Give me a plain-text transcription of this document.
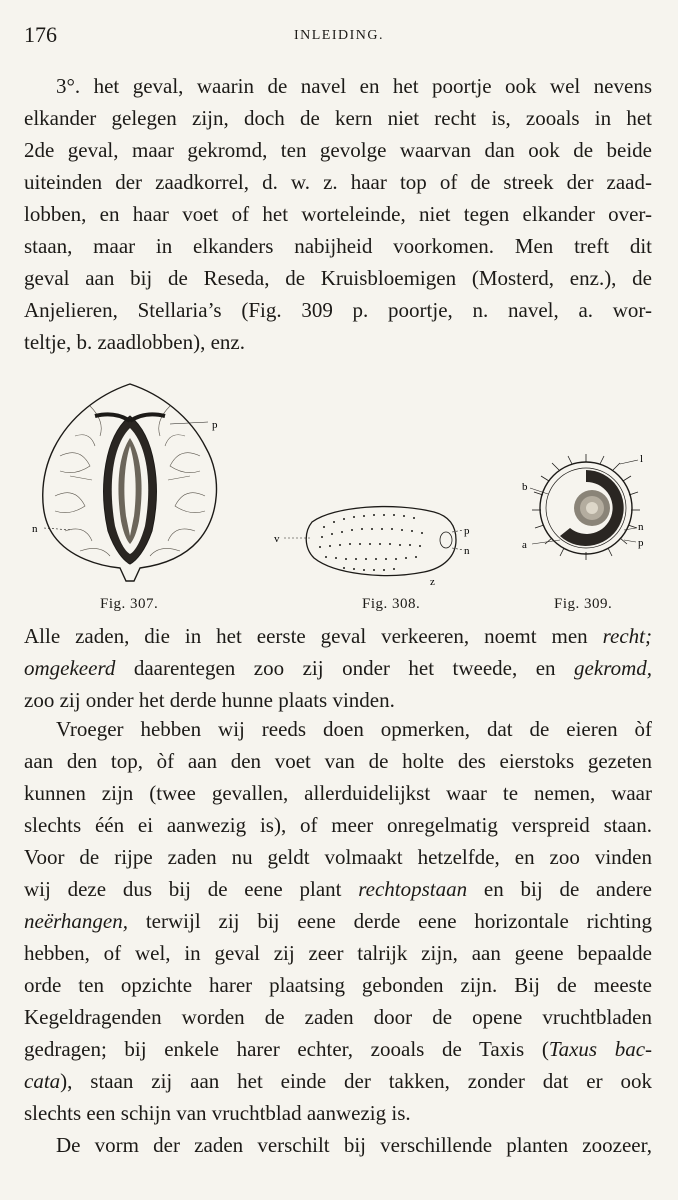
176	INLEIDING.
3°. het geval, waarin de navel en het poortje ook wel nevens
elkander gelegen zijn, doch de kern niet recht is, zooals in het
2de geval, maar gekromd, ten gevolge waarvan dan ook de beide
uiteinden der zaadkorrel, d. w. z. haar top of de streek der zaad-
lobben, en haar voet of het worteleinde, niet tegen elkander over-
staan, maar in elkanders nabijheid voorkomen. Men treft dit
geval aan bij de Reseda, de Kruisbloemigen (Mosterd, enz.), de
Anjelieren, Stellaria’s (Fig. 309 p. poortje, n. navel, a. wor-
teltje, b. zaadlobben), enz.
p
n
Fig. 307.
v
p
n
z
Fig. 308.
l
b
a
n
p
Fig. 309.
Alle zaden, die in het eerste geval verkeeren, noemt men recht;
omgekeerd daarentegen zoo zij onder het tweede, en gekromd,
zoo zij onder het derde hunne plaats vinden.
Vroeger hebben wij reeds doen opmerken, dat de eieren òf
aan den top, òf aan den voet van de holte des eierstoks gezeten
kunnen zijn (twee gevallen, allerduidelijkst waar te nemen, waar
slechts één ei aanwezig is), of meer onregelmatig verspreid staan.
Voor de rijpe zaden nu geldt volmaakt hetzelfde, en zoo vinden
wij deze dus bij de eene plant rechtopstaan en bij de andere
neërhangen, terwijl zij bij eene derde eene horizontale richting
hebben, of wel, in geval zij zeer talrijk zijn, aan geene bepaalde
orde ten opzichte harer plaatsing gebonden zijn. Bij de meeste
Kegeldragenden worden de zaden door de opene vruchtbladen
gedragen; bij enkele harer echter, zooals de Taxis (Taxus bac-
cata), staan zij aan het einde der takken, zonder dat er ook
slechts een schijn van vruchtblad aanwezig is.
De vorm der zaden verschilt bij verschillende planten zoozeer,
